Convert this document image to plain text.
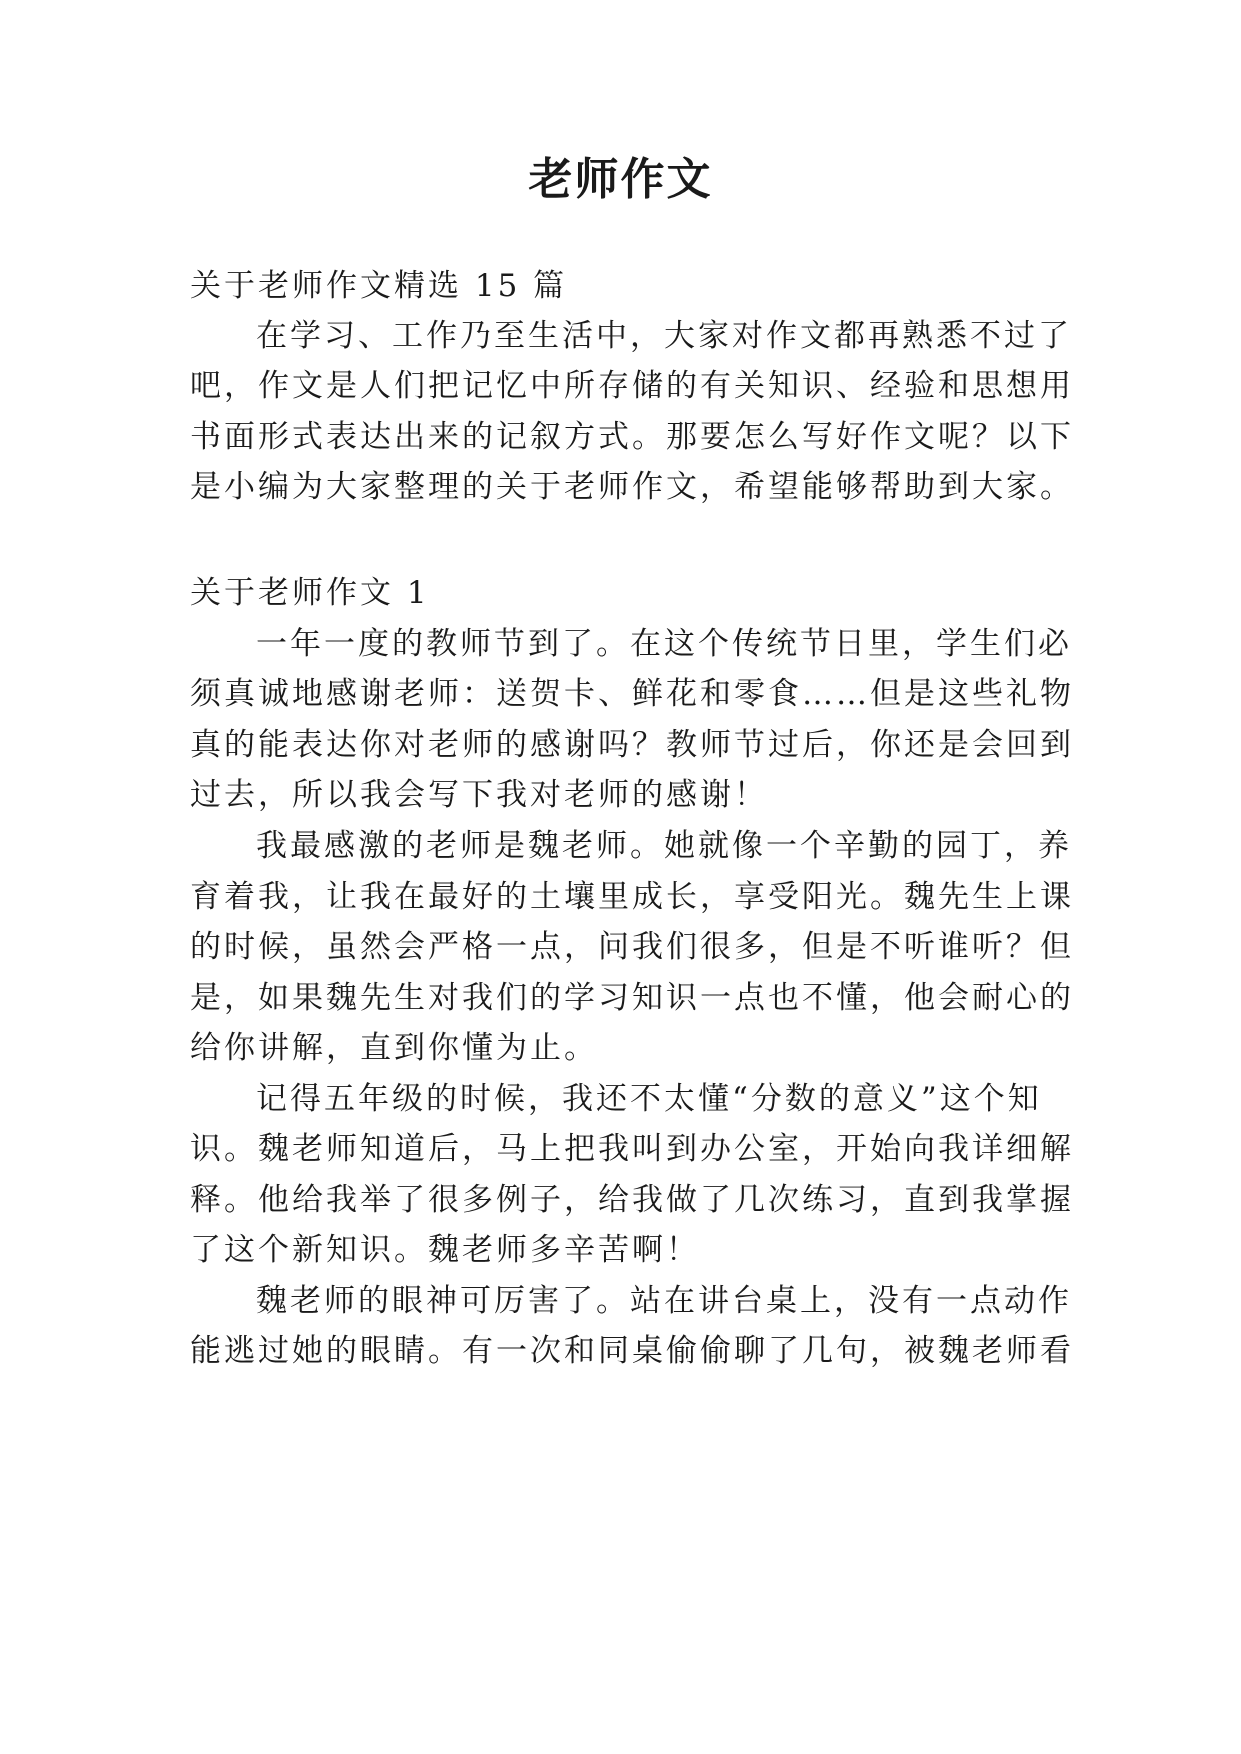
老师作文
关于老师作文精选 15 篇
在学习、工作乃至生活中，大家对作文都再熟悉不过了
吧，作文是人们把记忆中所存储的有关知识、经验和思想用
书面形式表达出来的记叙方式。那要怎么写好作文呢？以下
是小编为大家整理的关于老师作文，希望能够帮助到大家。
关于老师作文 1
一年一度的教师节到了。在这个传统节日里，学生们必
须真诚地感谢老师：送贺卡、鲜花和零食……但是这些礼物
真的能表达你对老师的感谢吗？教师节过后，你还是会回到
过去，所以我会写下我对老师的感谢！
我最感激的老师是魏老师。她就像一个辛勤的园丁，养
育着我，让我在最好的土壤里成长，享受阳光。魏先生上课
的时候，虽然会严格一点，问我们很多，但是不听谁听？但
是，如果魏先生对我们的学习知识一点也不懂，他会耐心的
给你讲解，直到你懂为止。
记得五年级的时候，我还不太懂“分数的意义”这个知
识。魏老师知道后，马上把我叫到办公室，开始向我详细解
释。他给我举了很多例子，给我做了几次练习，直到我掌握
了这个新知识。魏老师多辛苦啊！
魏老师的眼神可厉害了。站在讲台桌上，没有一点动作
能逃过她的眼睛。有一次和同桌偷偷聊了几句，被魏老师看
